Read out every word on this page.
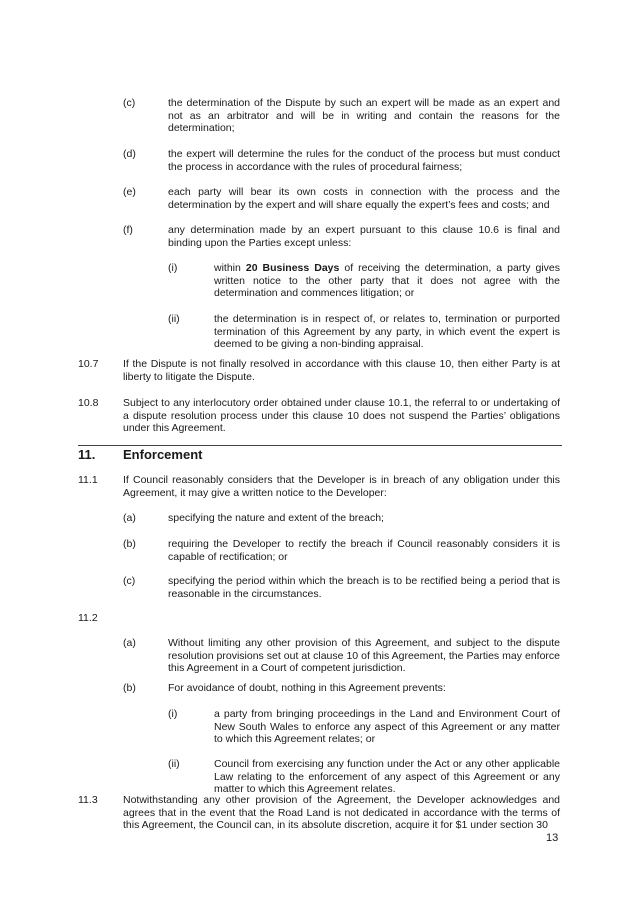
(c)	the determination of the Dispute by such an expert will be made as an expert and not as an arbitrator and will be in writing and contain the reasons for the determination;
(d)	the expert will determine the rules for the conduct of the process but must conduct the process in accordance with the rules of procedural fairness;
(e)	each party will bear its own costs in connection with the process and the determination by the expert and will share equally the expert’s fees and costs; and
(f)	any determination made by an expert pursuant to this clause 10.6 is final and binding upon the Parties except unless:
(i)	within 20 Business Days of receiving the determination, a party gives written notice to the other party that it does not agree with the determination and commences litigation; or
(ii)	the determination is in respect of, or relates to, termination or purported termination of this Agreement by any party, in which event the expert is deemed to be giving a non-binding appraisal.
10.7 If the Dispute is not finally resolved in accordance with this clause 10, then either Party is at liberty to litigate the Dispute.
10.8 Subject to any interlocutory order obtained under clause 10.1, the referral to or undertaking of a dispute resolution process under this clause 10 does not suspend the Parties’ obligations under this Agreement.
11. Enforcement
11.1 If Council reasonably considers that the Developer is in breach of any obligation under this Agreement, it may give a written notice to the Developer:
(a)	specifying the nature and extent of the breach;
(b)	requiring the Developer to rectify the breach if Council reasonably considers it is capable of rectification; or
(c)	specifying the period within which the breach is to be rectified being a period that is reasonable in the circumstances.
11.2
(a)	Without limiting any other provision of this Agreement, and subject to the dispute resolution provisions set out at clause 10 of this Agreement, the Parties may enforce this Agreement in a Court of competent jurisdiction.
(b)	For avoidance of doubt, nothing in this Agreement prevents:
(i)	a party from bringing proceedings in the Land and Environment Court of New South Wales to enforce any aspect of this Agreement or any matter to which this Agreement relates; or
(ii)	Council from exercising any function under the Act or any other applicable Law relating to the enforcement of any aspect of this Agreement or any matter to which this Agreement relates.
11.3 Notwithstanding any other provision of the Agreement, the Developer acknowledges and agrees that in the event that the Road Land is not dedicated in accordance with the terms of this Agreement, the Council can, in its absolute discretion, acquire it for $1 under section 30
13
